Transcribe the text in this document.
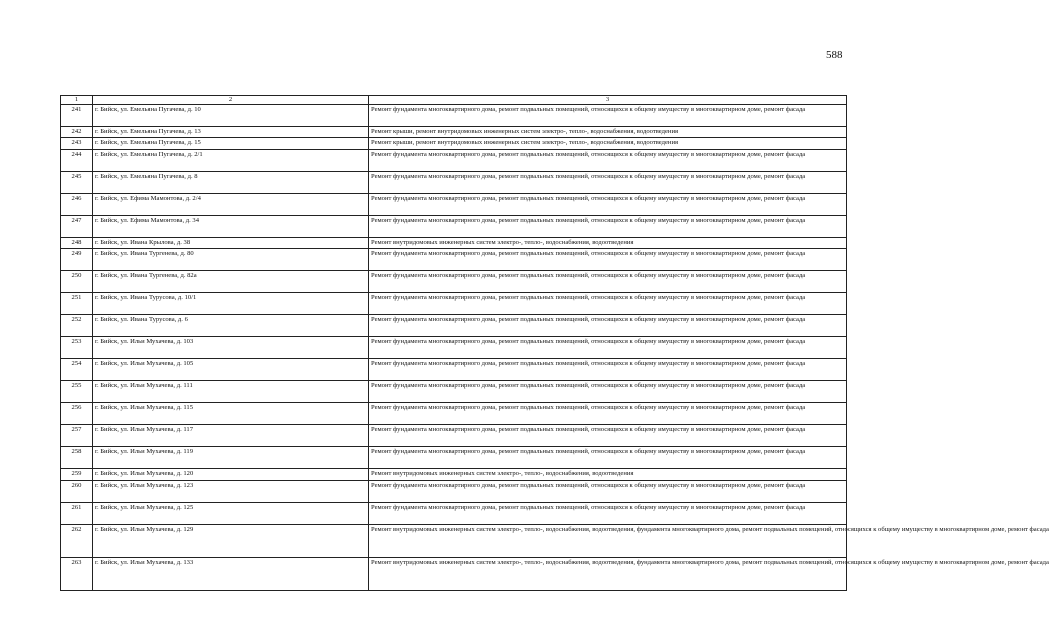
588
1	2	3
241	г. Бийск, ул. Емельяна Пугачева, д. 10	Ремонт фундамента многоквартирного дома, ремонт подвальных помещений, относящихся к общему имуществу в многоквартирном доме, ремонт фасада
242	г. Бийск, ул. Емельяна Пугачева, д. 13	Ремонт крыши, ремонт внутридомовых инженерных систем электро-, тепло-, водоснабжения, водоотведения
243	г. Бийск, ул. Емельяна Пугачева, д. 15	Ремонт крыши, ремонт внутридомовых инженерных систем электро-, тепло-, водоснабжения, водоотведения
244	г. Бийск, ул. Емельяна Пугачева, д. 2/1	Ремонт фундамента многоквартирного дома, ремонт подвальных помещений, относящихся к общему имуществу в многоквартирном доме, ремонт фасада
245	г. Бийск, ул. Емельяна Пугачева, д. 8	Ремонт фундамента многоквартирного дома, ремонт подвальных помещений, относящихся к общему имуществу в многоквартирном доме, ремонт фасада
246	г. Бийск, ул. Ефима Мамонтова, д. 2/4	Ремонт фундамента многоквартирного дома, ремонт подвальных помещений, относящихся к общему имуществу в многоквартирном доме, ремонт фасада
247	г. Бийск, ул. Ефима Мамонтова, д. 34	Ремонт фундамента многоквартирного дома, ремонт подвальных помещений, относящихся к общему имуществу в многоквартирном доме, ремонт фасада
248	г. Бийск, ул. Ивана Крылова, д. 38	Ремонт внутридомовых инженерных систем электро-, тепло-, водоснабжения, водоотведения
249	г. Бийск, ул. Ивана Тургенева, д. 80	Ремонт фундамента многоквартирного дома, ремонт подвальных помещений, относящихся к общему имуществу в многоквартирном доме, ремонт фасада
250	г. Бийск, ул. Ивана Тургенева, д. 82а	Ремонт фундамента многоквартирного дома, ремонт подвальных помещений, относящихся к общему имуществу в многоквартирном доме, ремонт фасада
251	г. Бийск, ул. Ивана Турусова, д. 10/1	Ремонт фундамента многоквартирного дома, ремонт подвальных помещений, относящихся к общему имуществу в многоквартирном доме, ремонт фасада
252	г. Бийск, ул. Ивана Турусова, д. 6	Ремонт фундамента многоквартирного дома, ремонт подвальных помещений, относящихся к общему имуществу в многоквартирном доме, ремонт фасада
253	г. Бийск, ул. Ильи Мухачева, д. 103	Ремонт фундамента многоквартирного дома, ремонт подвальных помещений, относящихся к общему имуществу в многоквартирном доме, ремонт фасада
254	г. Бийск, ул. Ильи Мухачева, д. 105	Ремонт фундамента многоквартирного дома, ремонт подвальных помещений, относящихся к общему имуществу в многоквартирном доме, ремонт фасада
255	г. Бийск, ул. Ильи Мухачева, д. 111	Ремонт фундамента многоквартирного дома, ремонт подвальных помещений, относящихся к общему имуществу в многоквартирном доме, ремонт фасада
256	г. Бийск, ул. Ильи Мухачева, д. 115	Ремонт фундамента многоквартирного дома, ремонт подвальных помещений, относящихся к общему имуществу в многоквартирном доме, ремонт фасада
257	г. Бийск, ул. Ильи Мухачева, д. 117	Ремонт фундамента многоквартирного дома, ремонт подвальных помещений, относящихся к общему имуществу в многоквартирном доме, ремонт фасада
258	г. Бийск, ул. Ильи Мухачева, д. 119	Ремонт фундамента многоквартирного дома, ремонт подвальных помещений, относящихся к общему имуществу в многоквартирном доме, ремонт фасада
259	г. Бийск, ул. Ильи Мухачева, д. 120	Ремонт внутридомовых инженерных систем электро-, тепло-, водоснабжения, водоотведения
260	г. Бийск, ул. Ильи Мухачева, д. 123	Ремонт фундамента многоквартирного дома, ремонт подвальных помещений, относящихся к общему имуществу в многоквартирном доме, ремонт фасада
261	г. Бийск, ул. Ильи Мухачева, д. 125	Ремонт фундамента многоквартирного дома, ремонт подвальных помещений, относящихся к общему имуществу в многоквартирном доме, ремонт фасада
262	г. Бийск, ул. Ильи Мухачева, д. 129	Ремонт внутридомовых инженерных систем электро-, тепло-, водоснабжения, водоотведения, фундамента многоквартирного дома, ремонт подвальных помещений, относящихся к общему имуществу в многоквартирном доме, ремонт фасада
263	г. Бийск, ул. Ильи Мухачева, д. 133	Ремонт внутридомовых инженерных систем электро-, тепло-, водоснабжения, водоотведения, фундамента многоквартирного дома, ремонт подвальных помещений, относящихся к общему имуществу в многоквартирном доме, ремонт фасада
